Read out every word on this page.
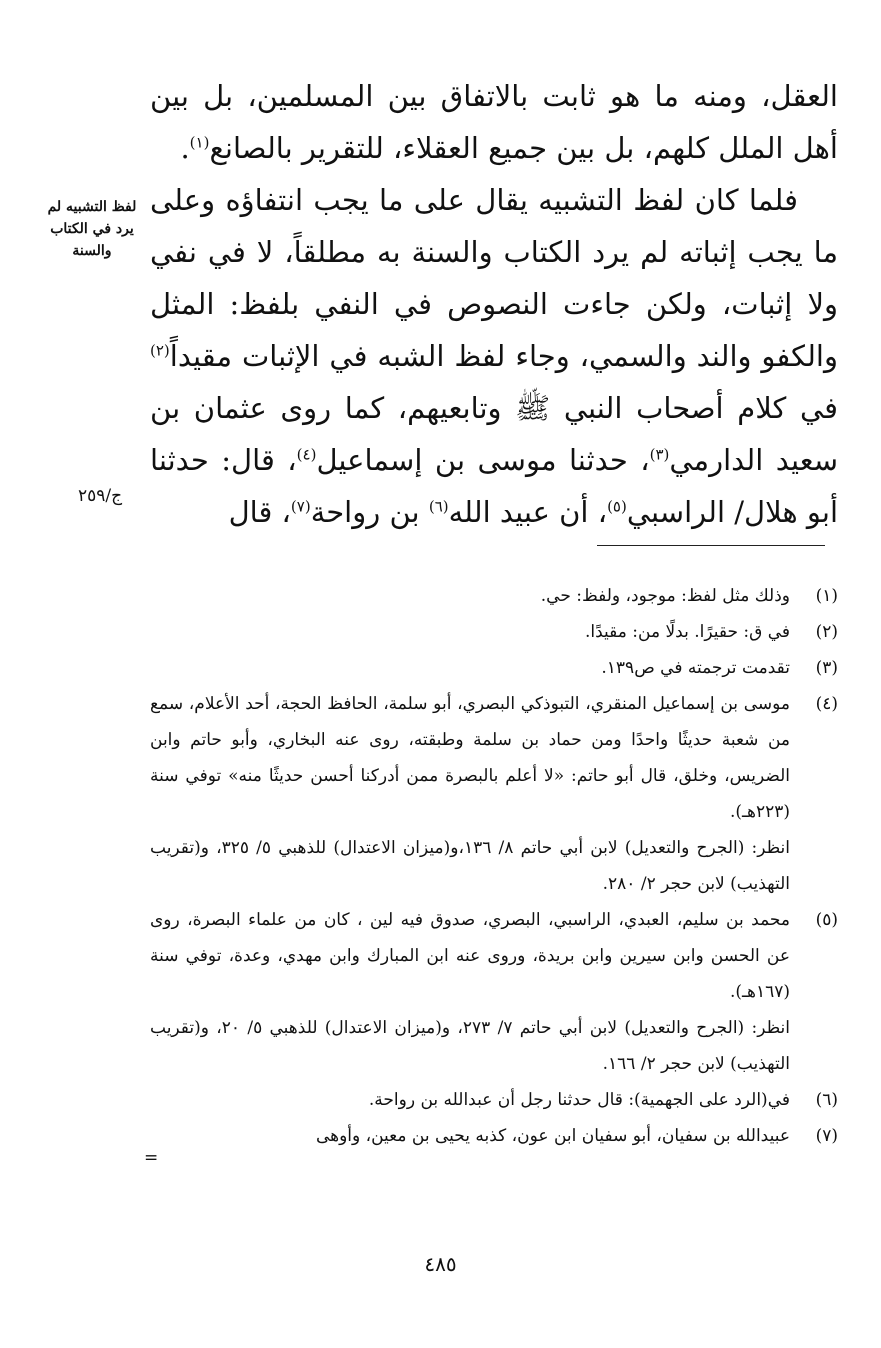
العقل، ومنه ما هو ثابت بالاتفاق بين المسلمين، بل بين أهل الملل كلهم، بل بين جميع العقلاء، للتقرير بالصانع$^{(١)}$.

فلما كان لفظ التشبيه يقال على ما يجب انتفاؤه وعلى ما يجب إثباته لم يرد الكتاب والسنة به مطلقاً، لا في نفي ولا إثبات، ولكن جاءت النصوص في النفي بلفظ: المثل والكفو والند والسمي، وجاء لفظ الشبه في الإثبات مقيداً$^{(٢)}$ في كلام أصحاب النبي ﷺ وتابعيهم، كما روى عثمان بن سعيد الدارمي$^{(٣)}$، حدثنا موسى بن إسماعيل$^{(٤)}$، قال: حدثنا أبو هلال/ الراسبي$^{(٥)}$، أن عبيد الله$^{(٦)}$ بن رواحة$^{(٧)}$، قال

لفظ التشبيه لم
يرد في الكتاب
والسنة
ج/٢٥٩
(١)
وذلك مثل لفظ: موجود، ولفظ: حي.
(٢)
في ق: حقيرًا. بدلًا من: مقيدًا.
(٣)
تقدمت ترجمته في ص١٣٩.
(٤)
موسى بن إسماعيل المنقري، التبوذكي البصري، أبو سلمة، الحافظ الحجة، أحد الأعلام، سمع من شعبة حديثًا واحدًا ومن حماد بن سلمة وطبقته، روى عنه البخاري، وأبو حاتم وابن الضريس، وخلق، قال أبو حاتم: «لا أعلم بالبصرة ممن أدركنا أحسن حديثًا منه» توفي سنة (٢٢٣هـ).
انظر: (الجرح والتعديل) لابن أبي حاتم ٨/ ١٣٦،و(ميزان الاعتدال) للذهبي ٥/ ٣٢٥، و(تقريب التهذيب) لابن حجر ٢/ ٢٨٠.
(٥)
محمد بن سليم، العبدي، الراسبي، البصري، صدوق فيه لين ، كان من علماء البصرة، روى عن الحسن وابن سيرين وابن بريدة، وروى عنه ابن المبارك وابن مهدي، وعدة، توفي سنة (١٦٧هـ).
انظر: (الجرح والتعديل) لابن أبي حاتم ٧/ ٢٧٣، و(ميزان الاعتدال) للذهبي ٥/ ٢٠، و(تقريب التهذيب) لابن حجر ٢/ ١٦٦.
(٦)
في(الرد على الجهمية): قال حدثنا رجل أن عبدالله بن رواحة.
(٧)
عبيدالله بن سفيان، أبو سفيان ابن عون، كذبه يحيى بن معين، وأوهى
=
٤٨٥
